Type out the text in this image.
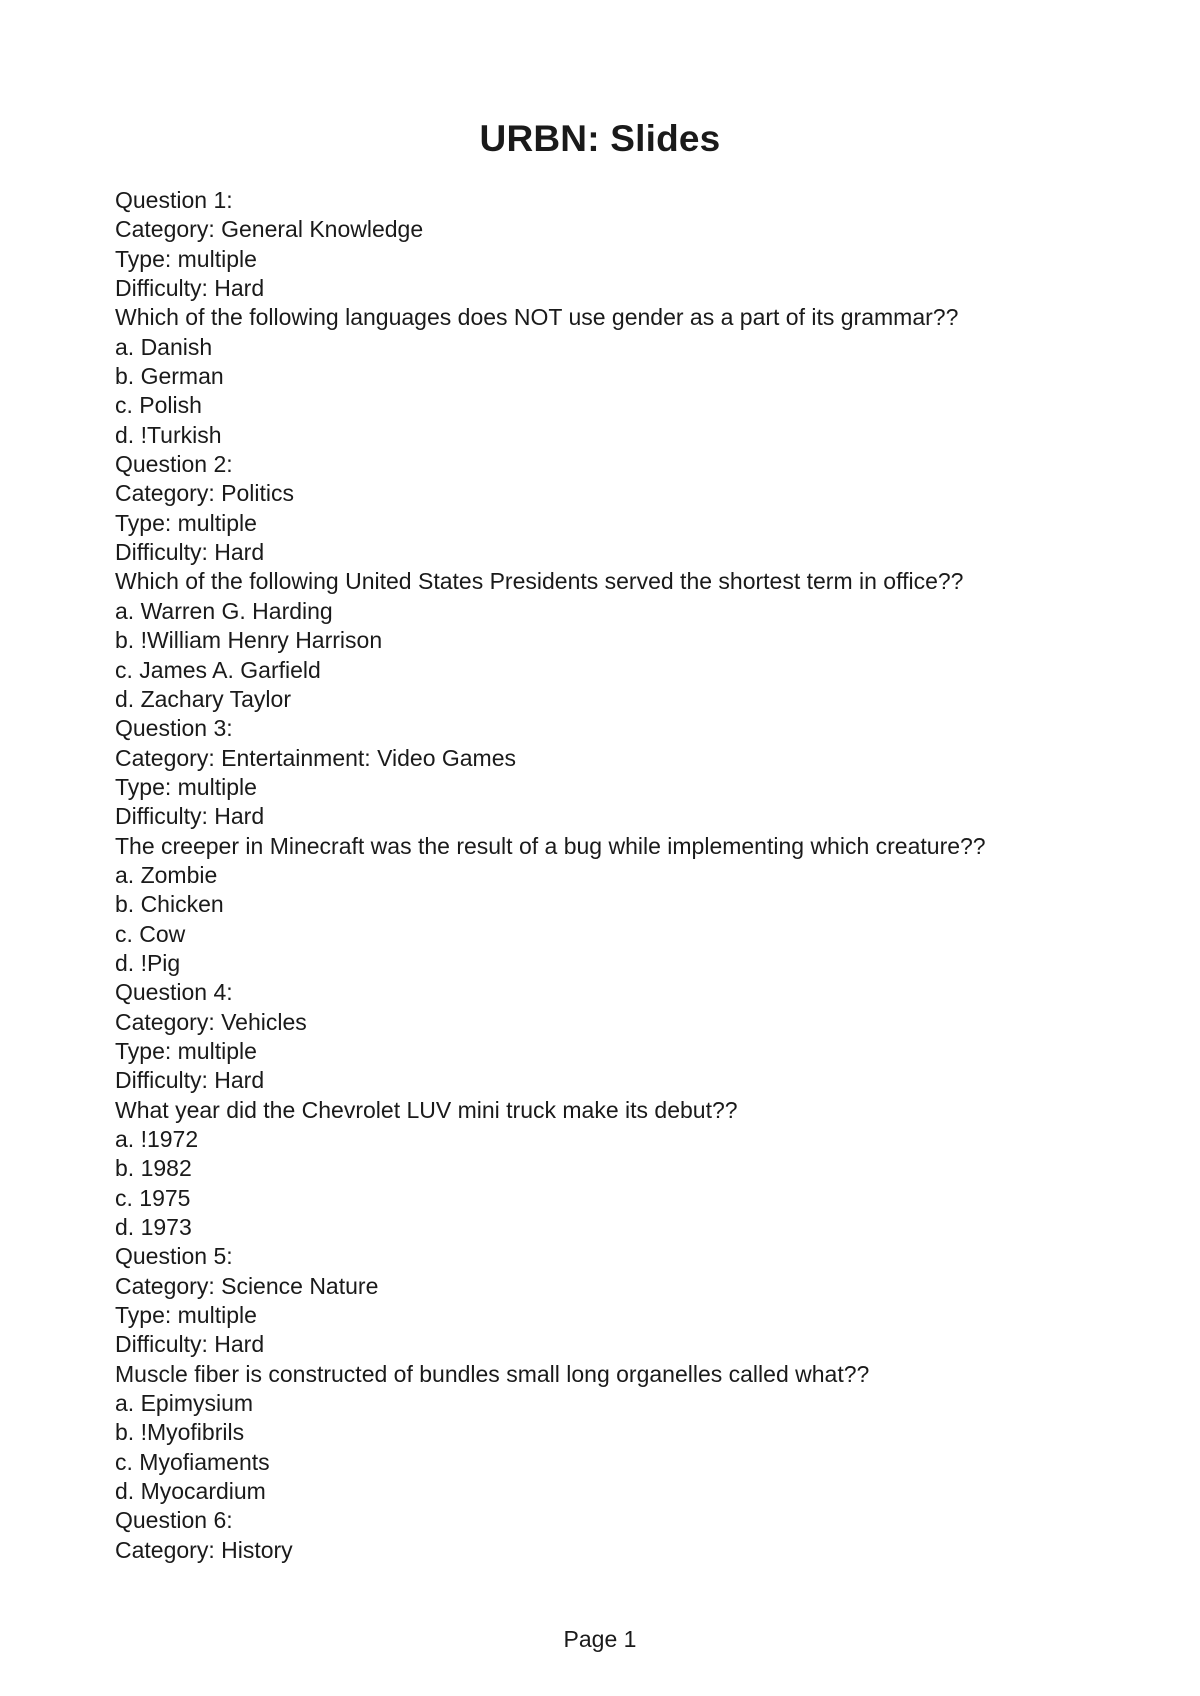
URBN: Slides
Question 1:
Category: General Knowledge
Type: multiple
Difficulty: Hard
Which of the following languages does NOT use gender as a part of its grammar??
a. Danish
b. German
c. Polish
d. !Turkish
Question 2:
Category: Politics
Type: multiple
Difficulty: Hard
Which of the following United States Presidents served the shortest term in office??
a. Warren G. Harding
b. !William Henry Harrison
c. James A. Garfield
d. Zachary Taylor
Question 3:
Category: Entertainment: Video Games
Type: multiple
Difficulty: Hard
The creeper in Minecraft was the result of a bug while implementing which creature??
a. Zombie
b. Chicken
c. Cow
d. !Pig
Question 4:
Category: Vehicles
Type: multiple
Difficulty: Hard
What year did the Chevrolet LUV mini truck make its debut??
a. !1972
b. 1982
c. 1975
d. 1973
Question 5:
Category: Science Nature
Type: multiple
Difficulty: Hard
Muscle fiber is constructed of bundles small long organelles called what??
a. Epimysium
b. !Myofibrils
c. Myofiaments
d. Myocardium
Question 6:
Category: History
Page 1
